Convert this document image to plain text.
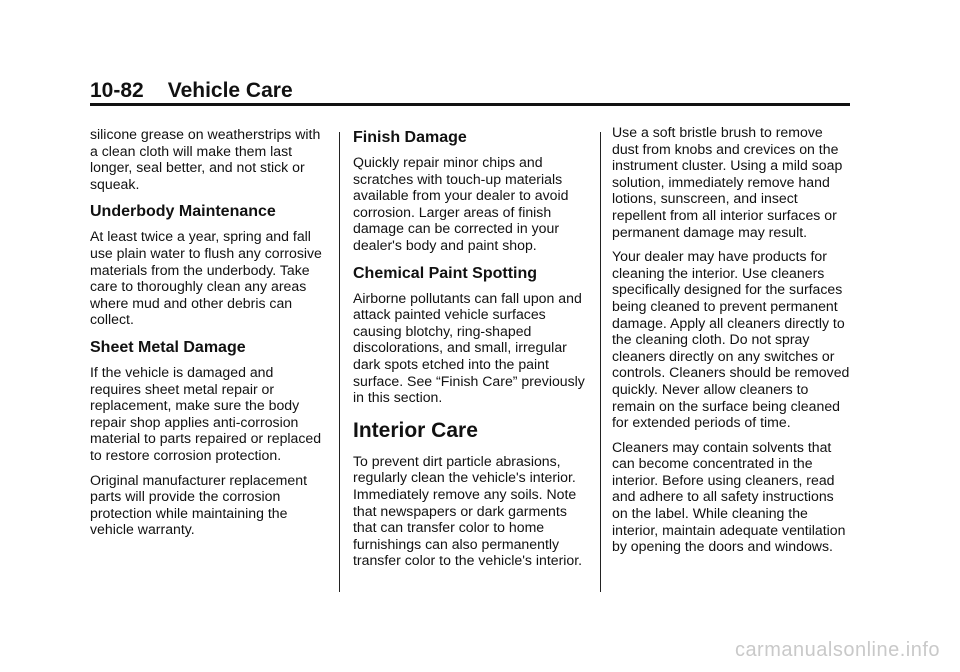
10-82 Vehicle Care

silicone grease on weatherstrips with a clean cloth will make them last longer, seal better, and not stick or squeak.

Underbody Maintenance

At least twice a year, spring and fall use plain water to flush any corrosive materials from the underbody. Take care to thoroughly clean any areas where mud and other debris can collect.

Sheet Metal Damage

If the vehicle is damaged and requires sheet metal repair or replacement, make sure the body repair shop applies anti-corrosion material to parts repaired or replaced to restore corrosion protection.

Original manufacturer replacement parts will provide the corrosion protection while maintaining the vehicle warranty.

Finish Damage

Quickly repair minor chips and scratches with touch-up materials available from your dealer to avoid corrosion. Larger areas of finish damage can be corrected in your dealer's body and paint shop.

Chemical Paint Spotting

Airborne pollutants can fall upon and attack painted vehicle surfaces causing blotchy, ring-shaped discolorations, and small, irregular dark spots etched into the paint surface. See “Finish Care” previously in this section.

Interior Care

To prevent dirt particle abrasions, regularly clean the vehicle's interior. Immediately remove any soils. Note that newspapers or dark garments that can transfer color to home furnishings can also permanently transfer color to the vehicle's interior.

Use a soft bristle brush to remove dust from knobs and crevices on the instrument cluster. Using a mild soap solution, immediately remove hand lotions, sunscreen, and insect repellent from all interior surfaces or permanent damage may result.

Your dealer may have products for cleaning the interior. Use cleaners specifically designed for the surfaces being cleaned to prevent permanent damage. Apply all cleaners directly to the cleaning cloth. Do not spray cleaners directly on any switches or controls. Cleaners should be removed quickly. Never allow cleaners to remain on the surface being cleaned for extended periods of time.

Cleaners may contain solvents that can become concentrated in the interior. Before using cleaners, read and adhere to all safety instructions on the label. While cleaning the interior, maintain adequate ventilation by opening the doors and windows.

carmanualsonline.info
